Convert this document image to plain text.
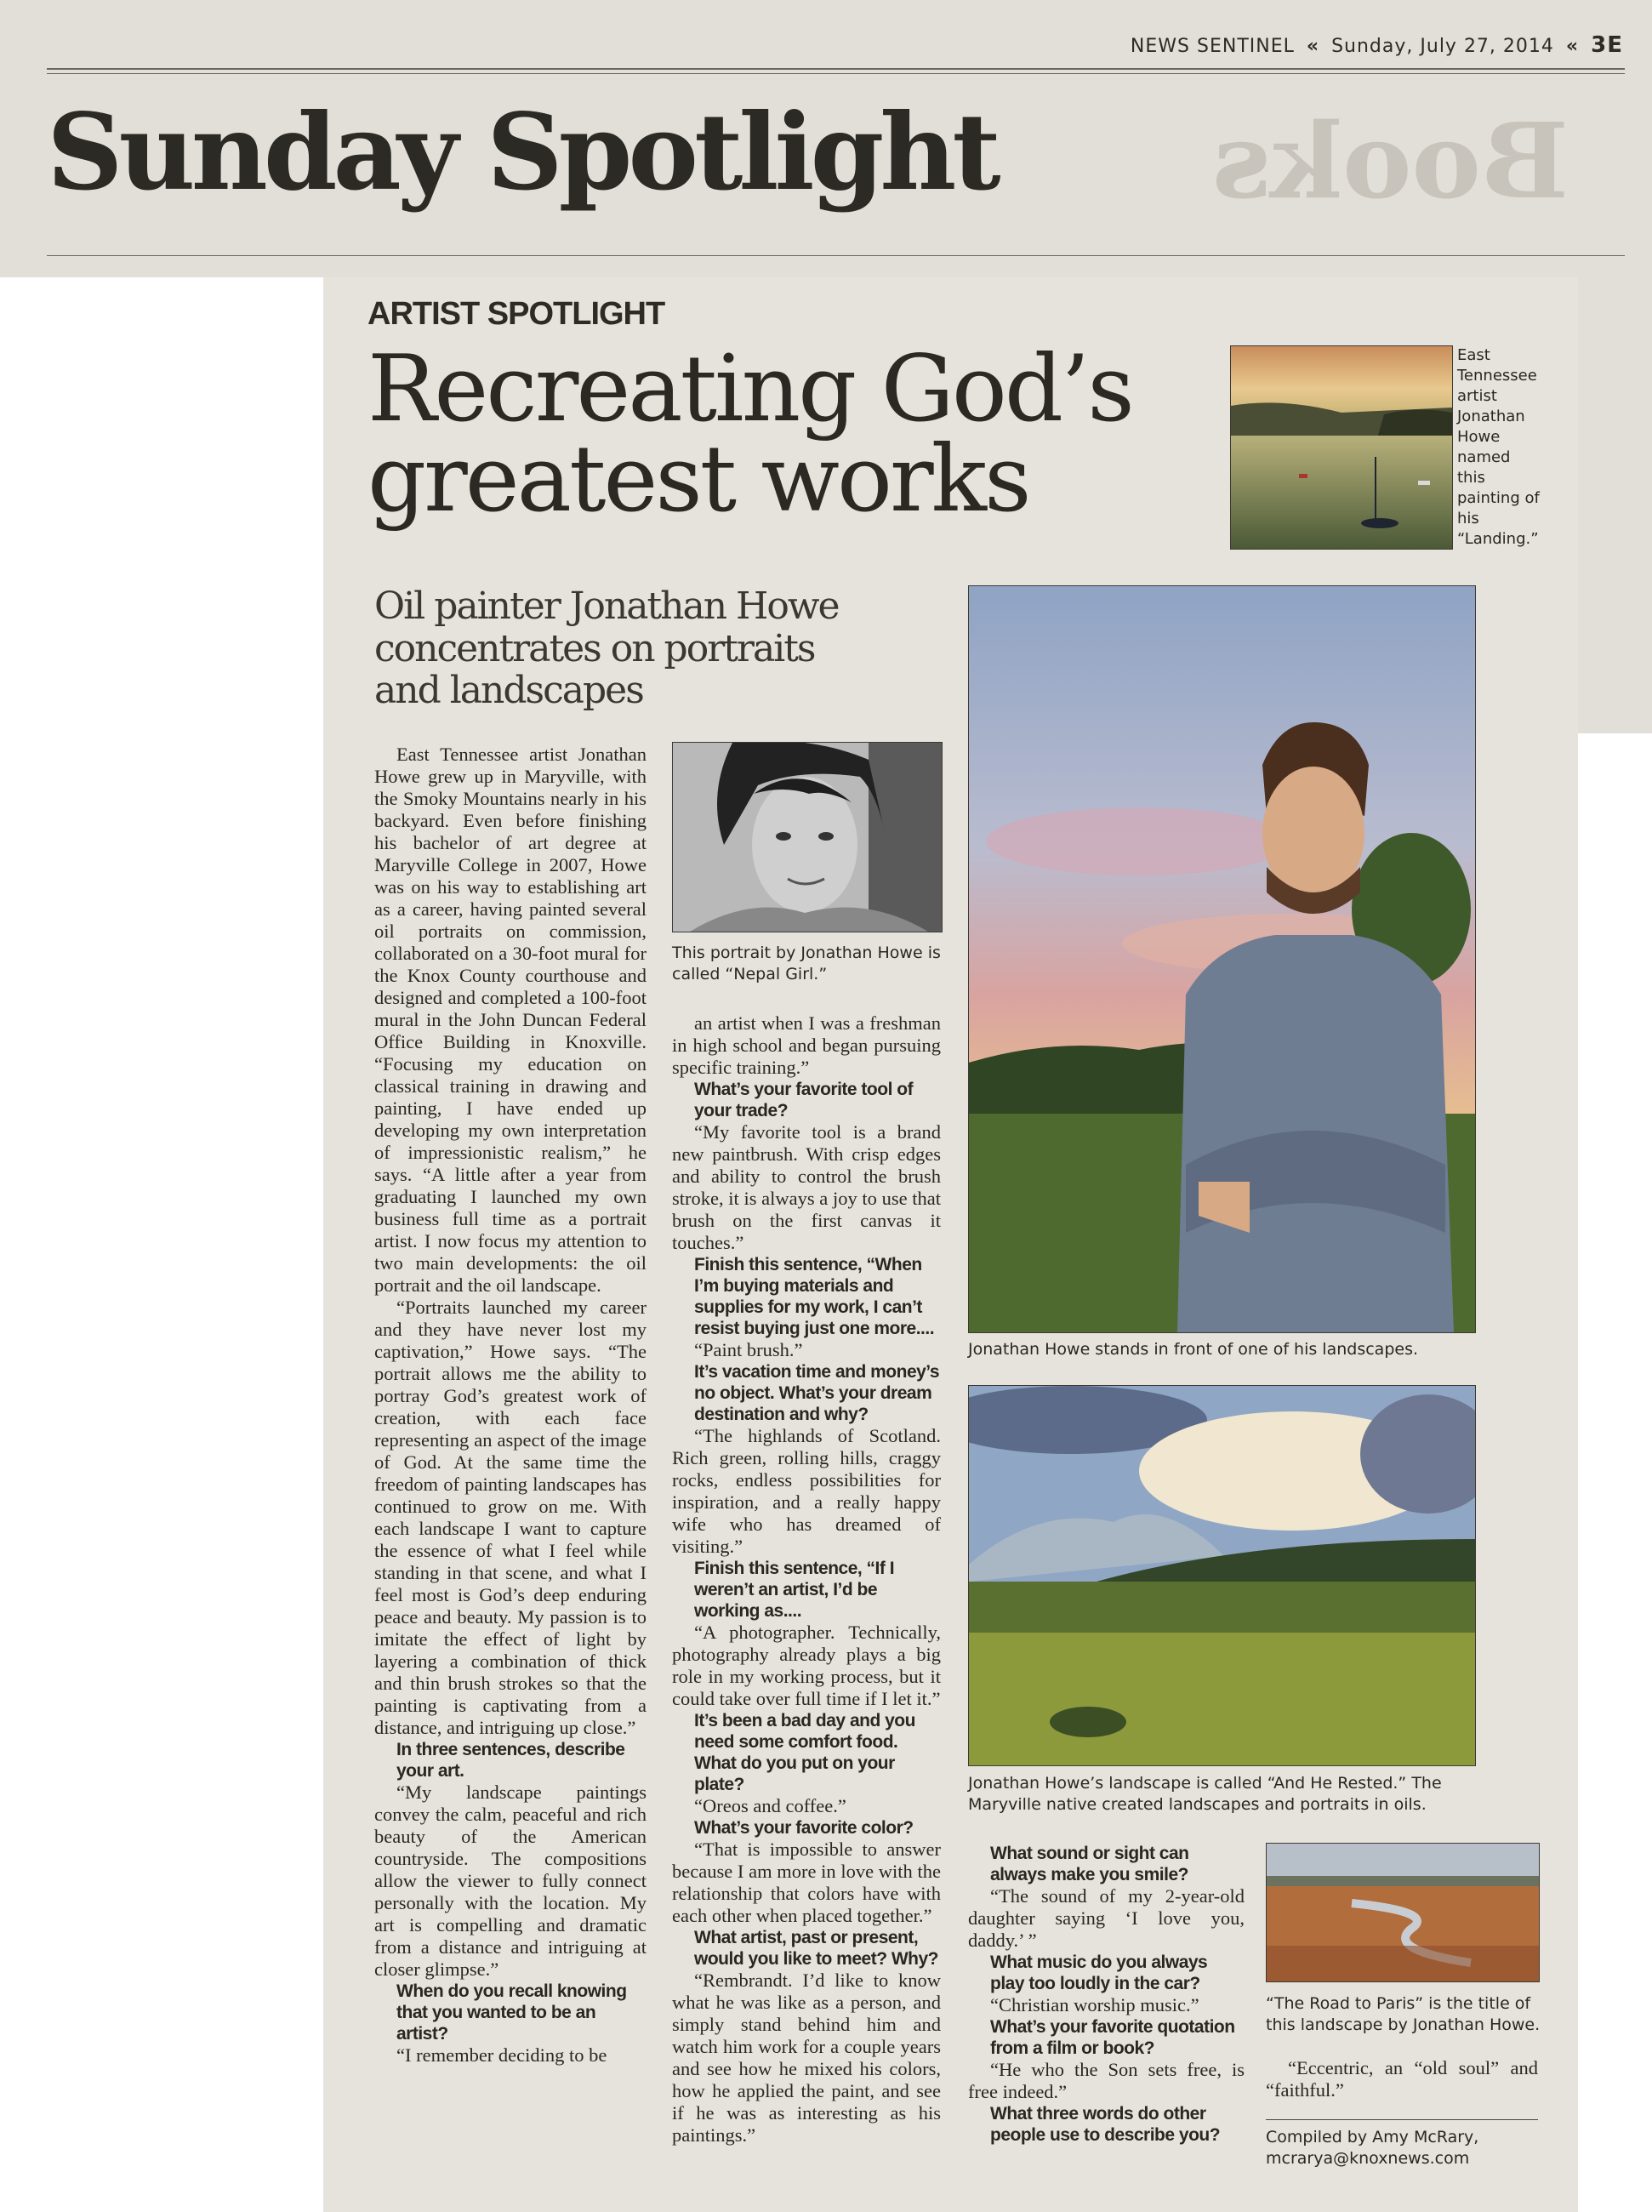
NEWS SENTINEL « Sunday, July 27, 2014 « 3E
Sunday Spotlight Books
ARTIST SPOTLIGHT
Recreating God’s
greatest works
Oil painter Jonathan Howe concentrates on portraits and landscapes
East Tennessee artist Jonathan Howe named this painting of his “Landing.”
This portrait by Jonathan Howe is called “Nepal Girl.”
Jonathan Howe stands in front of one of his landscapes.
Jonathan Howe’s landscape is called “And He Rested.” The Maryville native created landscapes and portraits in oils.
“The Road to Paris” is the title of this landscape by Jonathan Howe.

East Tennessee artist Jonathan Howe grew up in Maryville, with the Smoky Mountains nearly in his backyard. Even before finishing his bachelor of art degree at Maryville College in 2007, Howe was on his way to establishing art as a career, having painted several oil portraits on commission, collaborated on a 30-foot mural for the Knox County courthouse and designed and completed a 100-foot mural in the John Duncan Federal Office Building in Knoxville. “Focusing my education on classical training in drawing and painting, I have ended up developing my own interpretation of impressionistic realism,” he says. “A little after a year from graduating I launched my own business full time as a portrait artist. I now focus my attention to two main developments: the oil portrait and the oil landscape.

“Portraits launched my career and they have never lost my captivation,” Howe says. “The portrait allows me the ability to portray God’s greatest work of creation, with each face representing an aspect of the image of God. At the same time the freedom of painting landscapes has continued to grow on me. With each landscape I want to capture the essence of what I feel while standing in that scene, and what I feel most is God’s deep enduring peace and beauty. My passion is to imitate the effect of light by layering a combination of thick and thin brush strokes so that the painting is captivating from a distance, and intriguing up close.”

In three sentences, describe your art.

“My landscape paintings convey the calm, peaceful and rich beauty of the American countryside. The compositions allow the viewer to fully connect personally with the location. My art is compelling and dramatic from a distance and intriguing at closer glimpse.”

When do you recall knowing that you wanted to be an artist?

“I remember deciding to be

an artist when I was a freshman in high school and began pursuing specific training.”

What’s your favorite tool of your trade?

“My favorite tool is a brand new paintbrush. With crisp edges and ability to control the brush stroke, it is always a joy to use that brush on the first canvas it touches.”

Finish this sentence, “When I’m buying materials and supplies for my work, I can’t resist buying just one more....

“Paint brush.”

It’s vacation time and money’s no object. What’s your dream destination and why?

“The highlands of Scotland. Rich green, rolling hills, craggy rocks, endless possibilities for inspiration, and a really happy wife who has dreamed of visiting.”

Finish this sentence, “If I weren’t an artist, I’d be working as....

“A photographer. Technically, photography already plays a big role in my working process, but it could take over full time if I let it.”

It’s been a bad day and you need some comfort food. What do you put on your plate?

“Oreos and coffee.”

What’s your favorite color?

“That is impossible to answer because I am more in love with the relationship that colors have with each other when placed together.”

What artist, past or present, would you like to meet? Why?

“Rembrandt. I’d like to know what he was like as a person, and simply stand behind him and watch him work for a couple years and see how he mixed his colors, how he applied the paint, and see if he was as interesting as his paintings.”

What sound or sight can always make you smile?

“The sound of my 2-year-old daughter saying ‘I love you, daddy.’ ”

What music do you always play too loudly in the car?

“Christian worship music.”

What’s your favorite quotation from a film or book?

“He who the Son sets free, is free indeed.”

What three words do other people use to describe you?

“Eccentric, an “old soul” and “faithful.”

Compiled by Amy McRary,
mcrarya@knoxnews.com
